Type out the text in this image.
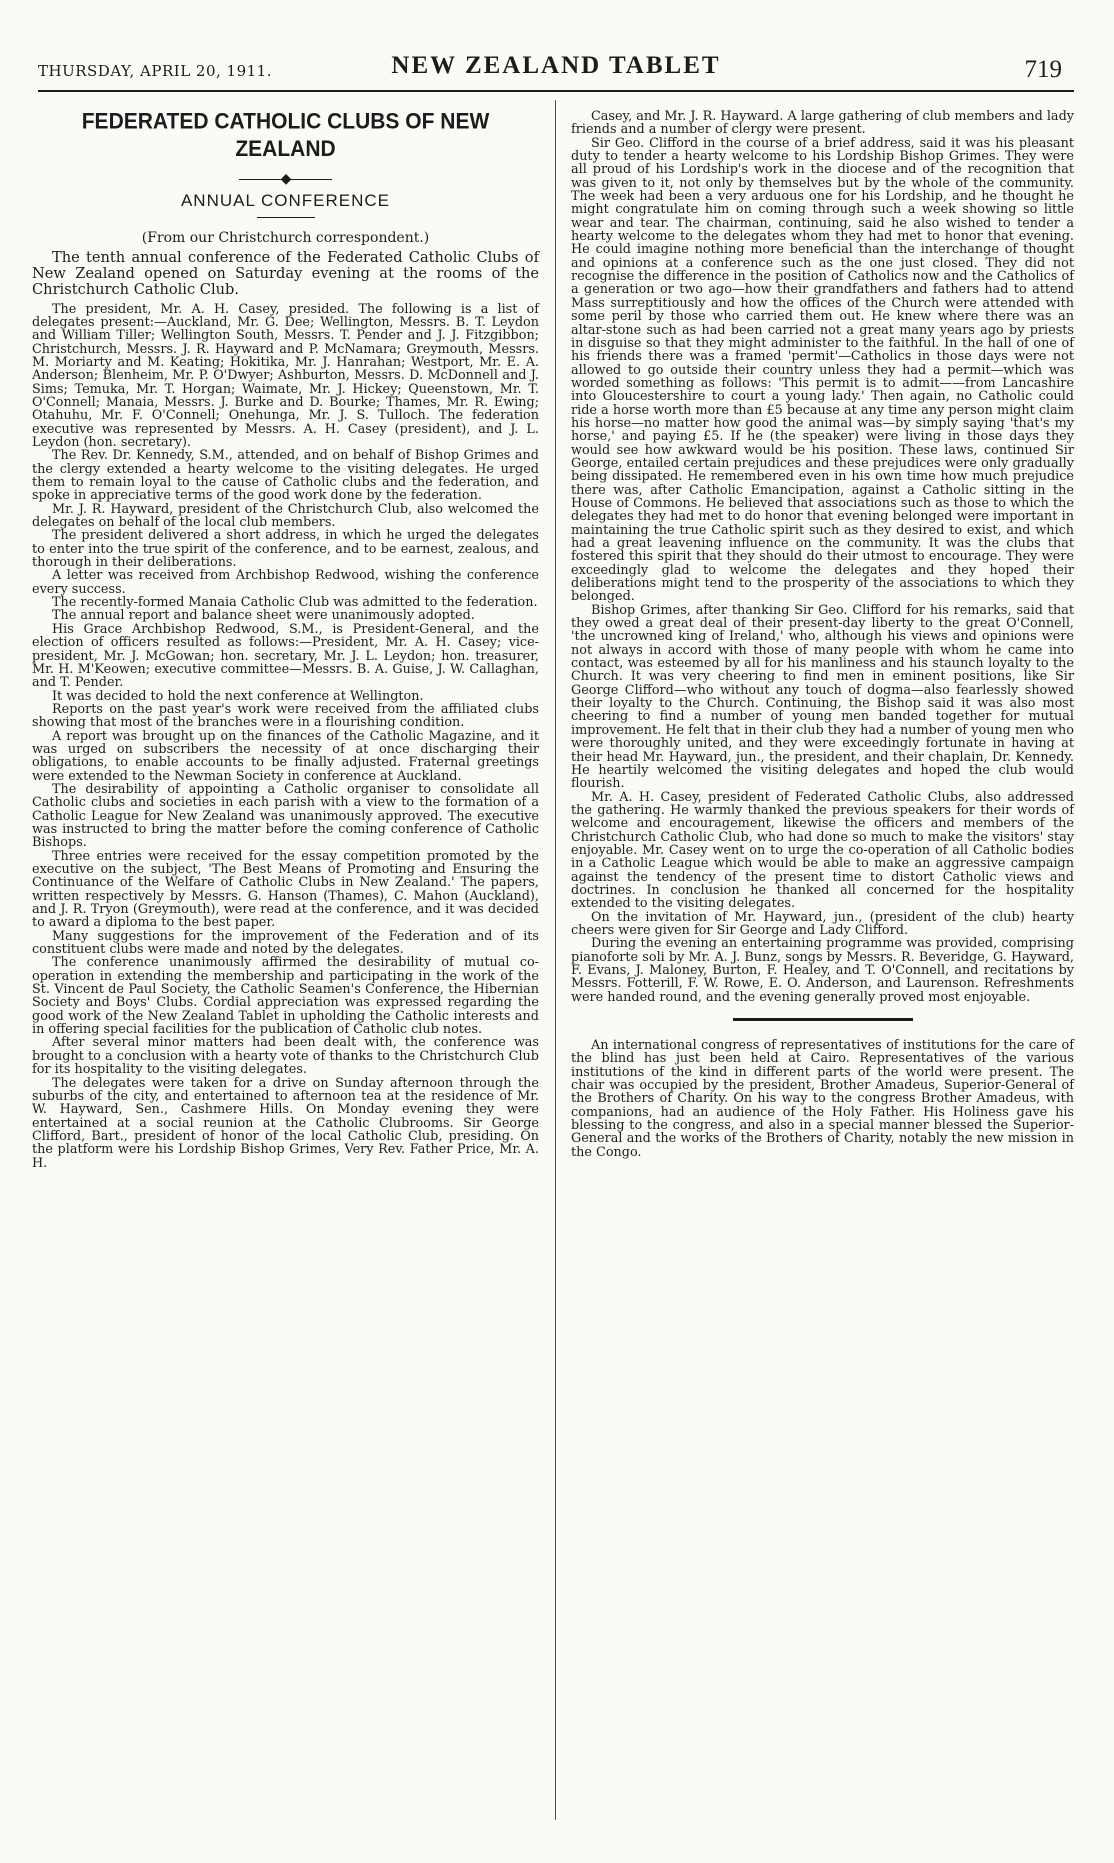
THURSDAY, APRIL 20, 1911.	NEW ZEALAND TABLET	719
FEDERATED CATHOLIC CLUBS OF NEW ZEALAND
◆
ANNUAL CONFERENCE
(From our Christchurch correspondent.)

The tenth annual conference of the Federated Catholic Clubs of New Zealand opened on Saturday evening at the rooms of the Christchurch Catholic Club.

The president, Mr. A. H. Casey, presided. The following is a list of delegates present:—Auckland, Mr. G. Dee; Wellington, Messrs. B. T. Leydon and William Tiller; Wellington South, Messrs. T. Pender and J. J. Fitzgibbon; Christchurch, Messrs. J. R. Hayward and P. McNamara; Greymouth, Messrs. M. Moriarty and M. Keating; Hokitika, Mr. J. Hanrahan; Westport, Mr. E. A. Anderson; Blenheim, Mr. P. O'Dwyer; Ashburton, Messrs. D. McDonnell and J. Sims; Temuka, Mr. T. Horgan; Waimate, Mr. J. Hickey; Queenstown, Mr. T. O'Connell; Manaia, Messrs. J. Burke and D. Bourke; Thames, Mr. R. Ewing; Otahuhu, Mr. F. O'Connell; Onehunga, Mr. J. S. Tulloch. The federation executive was represented by Messrs. A. H. Casey (president), and J. L. Leydon (hon. secretary).

The Rev. Dr. Kennedy, S.M., attended, and on behalf of Bishop Grimes and the clergy extended a hearty welcome to the visiting delegates. He urged them to remain loyal to the cause of Catholic clubs and the federation, and spoke in appreciative terms of the good work done by the federation.

Mr. J. R. Hayward, president of the Christchurch Club, also welcomed the delegates on behalf of the local club members.

The president delivered a short address, in which he urged the delegates to enter into the true spirit of the conference, and to be earnest, zealous, and thorough in their deliberations.

A letter was received from Archbishop Redwood, wishing the conference every success.

The recently-formed Manaia Catholic Club was admitted to the federation.

The annual report and balance sheet were unanimously adopted.

His Grace Archbishop Redwood, S.M., is President-General, and the election of officers resulted as follows:—President, Mr. A. H. Casey; vice-president, Mr. J. McGowan; hon. secretary, Mr. J. L. Leydon; hon. treasurer, Mr. H. M'Keowen; executive committee—Messrs. B. A. Guise, J. W. Callaghan, and T. Pender.

It was decided to hold the next conference at Wellington.

Reports on the past year's work were received from the affiliated clubs showing that most of the branches were in a flourishing condition.

A report was brought up on the finances of the Catholic Magazine, and it was urged on subscribers the necessity of at once discharging their obligations, to enable accounts to be finally adjusted. Fraternal greetings were extended to the Newman Society in conference at Auckland.

The desirability of appointing a Catholic organiser to consolidate all Catholic clubs and societies in each parish with a view to the formation of a Catholic League for New Zealand was unanimously approved. The executive was instructed to bring the matter before the coming conference of Catholic Bishops.

Three entries were received for the essay competition promoted by the executive on the subject, 'The Best Means of Promoting and Ensuring the Continuance of the Welfare of Catholic Clubs in New Zealand.' The papers, written respectively by Messrs. G. Hanson (Thames), C. Mahon (Auckland), and J. R. Tryon (Greymouth), were read at the conference, and it was decided to award a diploma to the best paper.

Many suggestions for the improvement of the Federation and of its constituent clubs were made and noted by the delegates.

The conference unanimously affirmed the desirability of mutual co-operation in extending the membership and participating in the work of the St. Vincent de Paul Society, the Catholic Seamen's Conference, the Hibernian Society and Boys' Clubs. Cordial appreciation was expressed regarding the good work of the New Zealand Tablet in upholding the Catholic interests and in offering special facilities for the publication of Catholic club notes.

After several minor matters had been dealt with, the conference was brought to a conclusion with a hearty vote of thanks to the Christchurch Club for its hospitality to the visiting delegates.

The delegates were taken for a drive on Sunday afternoon through the suburbs of the city, and entertained to afternoon tea at the residence of Mr. W. Hayward, Sen., Cashmere Hills. On Monday evening they were entertained at a social reunion at the Catholic Clubrooms. Sir George Clifford, Bart., president of honor of the local Catholic Club, presiding. On the platform were his Lordship Bishop Grimes, Very Rev. Father Price, Mr. A. H.

Casey, and Mr. J. R. Hayward. A large gathering of club members and lady friends and a number of clergy were present.

Sir Geo. Clifford in the course of a brief address, said it was his pleasant duty to tender a hearty welcome to his Lordship Bishop Grimes. They were all proud of his Lordship's work in the diocese and of the recognition that was given to it, not only by themselves but by the whole of the community. The week had been a very arduous one for his Lordship, and he thought he might congratulate him on coming through such a week showing so little wear and tear. The chairman, continuing, said he also wished to tender a hearty welcome to the delegates whom they had met to honor that evening. He could imagine nothing more beneficial than the interchange of thought and opinions at a conference such as the one just closed. They did not recognise the difference in the position of Catholics now and the Catholics of a generation or two ago—how their grandfathers and fathers had to attend Mass surreptitiously and how the offices of the Church were attended with some peril by those who carried them out. He knew where there was an altar-stone such as had been carried not a great many years ago by priests in disguise so that they might administer to the faithful. In the hall of one of his friends there was a framed 'permit'—Catholics in those days were not allowed to go outside their country unless they had a permit—which was worded something as follows: 'This permit is to admit——from Lancashire into Gloucestershire to court a young lady.' Then again, no Catholic could ride a horse worth more than £5 because at any time any person might claim his horse—no matter how good the animal was—by simply saying 'that's my horse,' and paying £5. If he (the speaker) were living in those days they would see how awkward would be his position. These laws, continued Sir George, entailed certain prejudices and these prejudices were only gradually being dissipated. He remembered even in his own time how much prejudice there was, after Catholic Emancipation, against a Catholic sitting in the House of Commons. He believed that associations such as those to which the delegates they had met to do honor that evening belonged were important in maintaining the true Catholic spirit such as they desired to exist, and which had a great leavening influence on the community. It was the clubs that fostered this spirit that they should do their utmost to encourage. They were exceedingly glad to welcome the delegates and they hoped their deliberations might tend to the prosperity of the associations to which they belonged.

Bishop Grimes, after thanking Sir Geo. Clifford for his remarks, said that they owed a great deal of their present-day liberty to the great O'Connell, 'the uncrowned king of Ireland,' who, although his views and opinions were not always in accord with those of many people with whom he came into contact, was esteemed by all for his manliness and his staunch loyalty to the Church. It was very cheering to find men in eminent positions, like Sir George Clifford—who without any touch of dogma—also fearlessly showed their loyalty to the Church. Continuing, the Bishop said it was also most cheering to find a number of young men banded together for mutual improvement. He felt that in their club they had a number of young men who were thoroughly united, and they were exceedingly fortunate in having at their head Mr. Hayward, jun., the president, and their chaplain, Dr. Kennedy. He heartily welcomed the visiting delegates and hoped the club would flourish.

Mr. A. H. Casey, president of Federated Catholic Clubs, also addressed the gathering. He warmly thanked the previous speakers for their words of welcome and encouragement, likewise the officers and members of the Christchurch Catholic Club, who had done so much to make the visitors' stay enjoyable. Mr. Casey went on to urge the co-operation of all Catholic bodies in a Catholic League which would be able to make an aggressive campaign against the tendency of the present time to distort Catholic views and doctrines. In conclusion he thanked all concerned for the hospitality extended to the visiting delegates.

On the invitation of Mr. Hayward, jun., (president of the club) hearty cheers were given for Sir George and Lady Clifford.

During the evening an entertaining programme was provided, comprising pianoforte soli by Mr. A. J. Bunz, songs by Messrs. R. Beveridge, G. Hayward, F. Evans, J. Maloney, Burton, F. Healey, and T. O'Connell, and recitations by Messrs. Fotterill, F. W. Rowe, E. O. Anderson, and Laurenson. Refreshments were handed round, and the evening generally proved most enjoyable.

An international congress of representatives of institutions for the care of the blind has just been held at Cairo. Representatives of the various institutions of the kind in different parts of the world were present. The chair was occupied by the president, Brother Amadeus, Superior-General of the Brothers of Charity. On his way to the congress Brother Amadeus, with companions, had an audience of the Holy Father. His Holiness gave his blessing to the congress, and also in a special manner blessed the Superior-General and the works of the Brothers of Charity, notably the new mission in the Congo.
